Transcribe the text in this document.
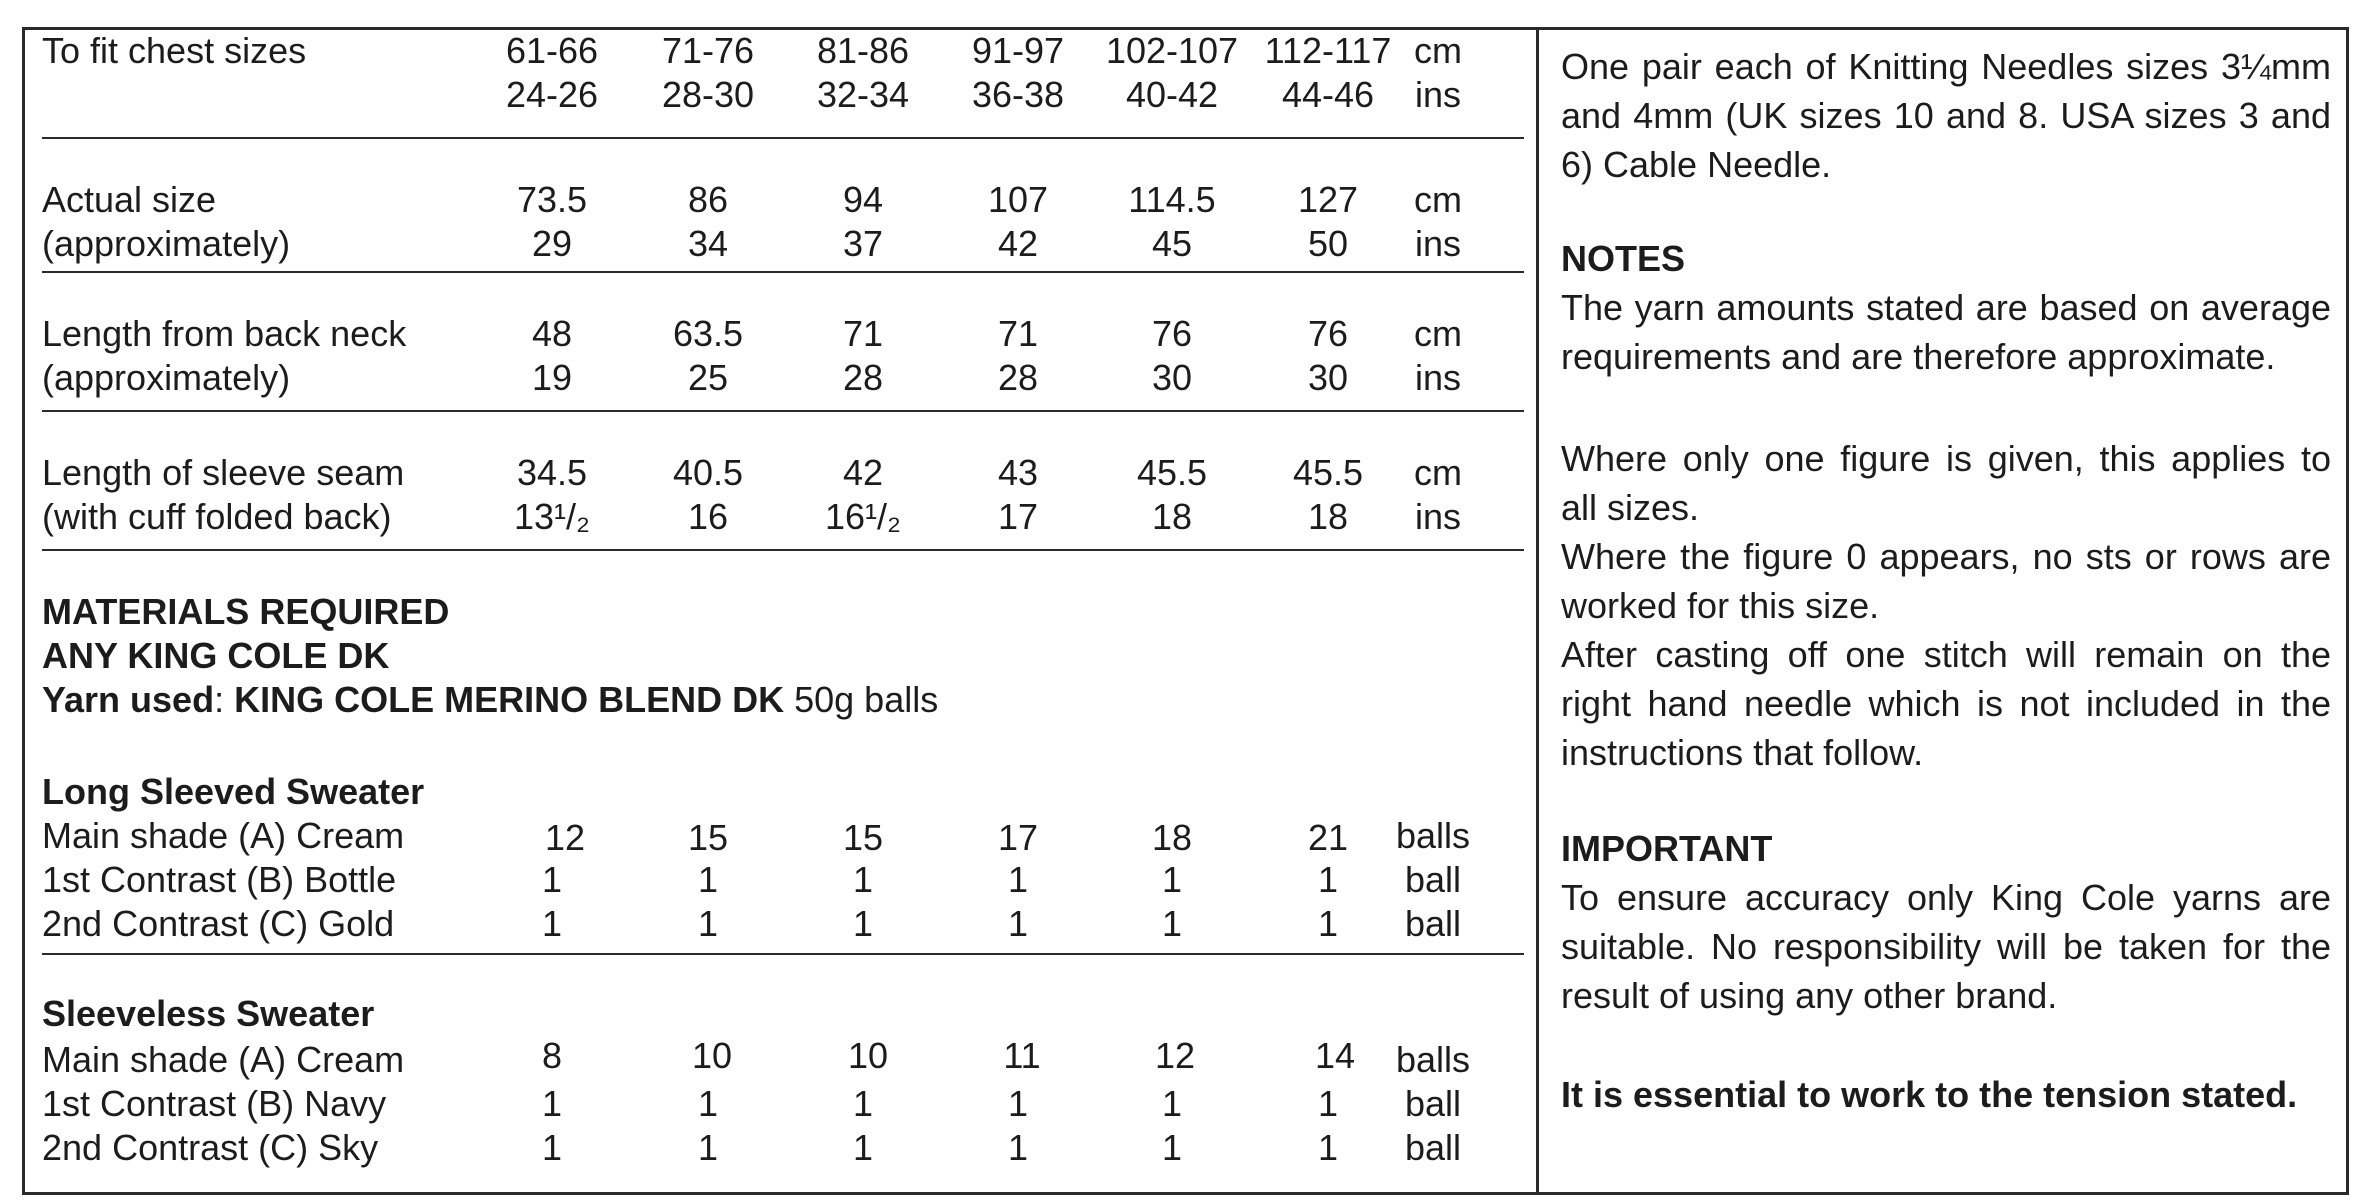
To fit chest sizes	61-66	71-76	81-86	91-97	102-107 112-117 cm
24-26	28-30	32-34	36-38	40-42	44-46	ins
Actual size
(approximately)
73.5	86	94	107	114.5	127	cm
29	34	37	42	45	50	ins
Length from back neck
(approximately)
48	63.5	71	71	76	76	cm
19	25	28	28	30	30	ins
Length of sleeve seam
(with cuff folded back)
34.5	40.5	42	43	45.5	45.5	cm
13¹/₂	16	16¹/₂	17	18	18	ins
MATERIALS REQUIRED
ANY KING COLE DK
Yarn used: KING COLE MERINO BLEND DK 50g balls
Long Sleeved Sweater
Main shade (A) Cream	12	15	15	17	18	21	balls
1st Contrast (B) Bottle	1	1	1	1	1	1	ball
2nd Contrast (C) Gold	1	1	1	1	1	1	ball
Sleeveless Sweater
Main shade (A) Cream	8	10	10	11	12	14	balls
1st Contrast (B) Navy	1	1	1	1	1	1	ball
2nd Contrast (C) Sky	1	1	1	1	1	1	ball
One pair each of Knitting Needles sizes 3¼mm and 4mm (UK sizes 10 and 8. USA sizes 3 and 6) Cable Needle.
NOTES
The yarn amounts stated are based on average requirements and are therefore approximate.
Where only one figure is given, this applies to all sizes.
Where the figure 0 appears, no sts or rows are worked for this size.
After casting off one stitch will remain on the right hand needle which is not included in the instructions that follow.
IMPORTANT
To ensure accuracy only King Cole yarns are suitable. No responsibility will be taken for the result of using any other brand.
It is essential to work to the tension stated.
